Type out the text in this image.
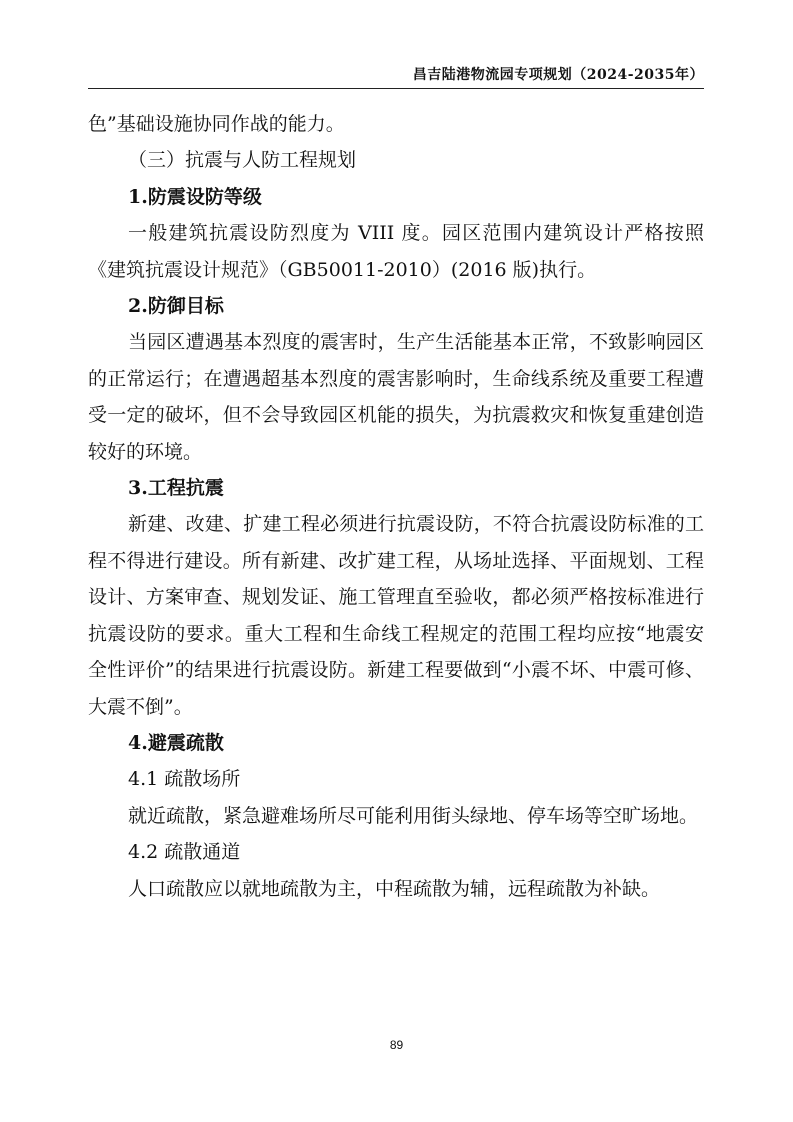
昌吉陆港物流园专项规划（2024-2035年）

色”基础设施协同作战的能力。

（三）抗震与人防工程规划

1.防震设防等级

一般建筑抗震设防烈度为 VIII 度。园区范围内建筑设计严格按照《建筑抗震设计规范》（GB50011-2010）(2016 版)执行。

2.防御目标

当园区遭遇基本烈度的震害时，生产生活能基本正常，不致影响园区的正常运行；在遭遇超基本烈度的震害影响时，生命线系统及重要工程遭受一定的破坏，但不会导致园区机能的损失，为抗震救灾和恢复重建创造较好的环境。

3.工程抗震

新建、改建、扩建工程必须进行抗震设防，不符合抗震设防标准的工程不得进行建设。所有新建、改扩建工程，从场址选择、平面规划、工程设计、方案审查、规划发证、施工管理直至验收，都必须严格按标准进行抗震设防的要求。重大工程和生命线工程规定的范围工程均应按“地震安全性评价”的结果进行抗震设防。新建工程要做到“小震不坏、中震可修、大震不倒”。

4.避震疏散

4.1 疏散场所

就近疏散，紧急避难场所尽可能利用街头绿地、停车场等空旷场地。

4.2 疏散通道

人口疏散应以就地疏散为主，中程疏散为辅，远程疏散为补缺。

89
